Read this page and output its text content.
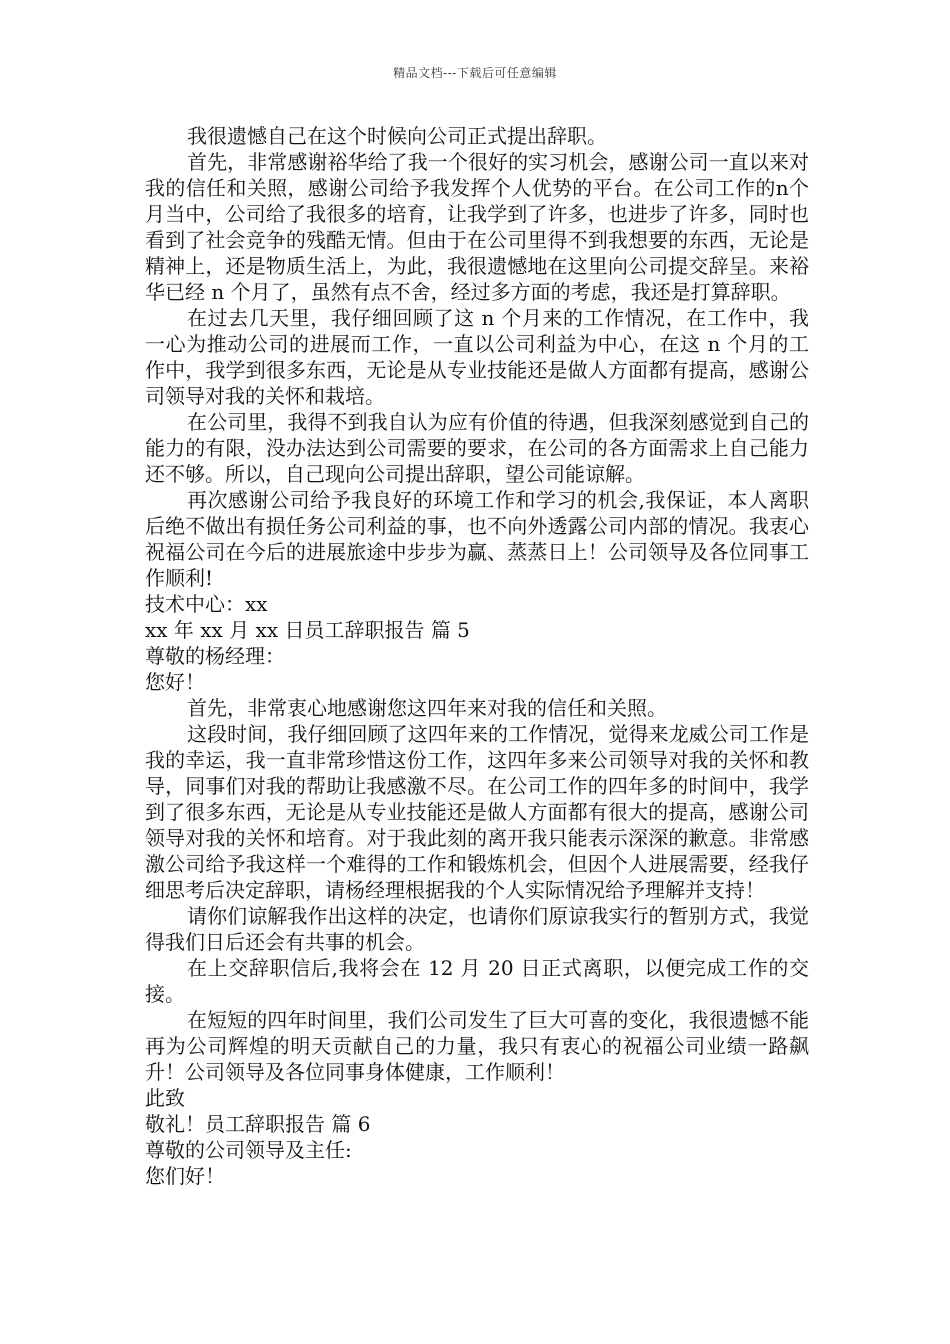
精品文档---下载后可任意编辑

我很遗憾自己在这个时候向公司正式提出辞职。

首先，非常感谢裕华给了我一个很好的实习机会，感谢公司一直以来对我的信任和关照，感谢公司给予我发挥个人优势的平台。在公司工作的n个月当中，公司给了我很多的培育，让我学到了许多，也进步了许多，同时也看到了社会竞争的残酷无情。但由于在公司里得不到我想要的东西，无论是精神上，还是物质生活上，为此，我很遗憾地在这里向公司提交辞呈。来裕华已经 n 个月了，虽然有点不舍，经过多方面的考虑，我还是打算辞职。

在过去几天里，我仔细回顾了这 n 个月来的工作情况，在工作中，我一心为推动公司的进展而工作，一直以公司利益为中心，在这 n 个月的工作中，我学到很多东西，无论是从专业技能还是做人方面都有提高，感谢公司领导对我的关怀和栽培。

在公司里，我得不到我自认为应有价值的待遇，但我深刻感觉到自己的能力的有限，没办法达到公司需要的要求，在公司的各方面需求上自己能力还不够。所以，自己现向公司提出辞职，望公司能谅解。

再次感谢公司给予我良好的环境工作和学习的机会,我保证，本人离职后绝不做出有损任务公司利益的事，也不向外透露公司内部的情况。我衷心祝福公司在今后的进展旅途中步步为赢、蒸蒸日上！公司领导及各位同事工作顺利!

技术中心：xx

xx 年 xx 月 xx 日员工辞职报告 篇 5

尊敬的杨经理：

您好！

首先，非常衷心地感谢您这四年来对我的信任和关照。

这段时间，我仔细回顾了这四年来的工作情况，觉得来龙威公司工作是我的幸运，我一直非常珍惜这份工作，这四年多来公司领导对我的关怀和教导，同事们对我的帮助让我感激不尽。在公司工作的四年多的时间中，我学到了很多东西，无论是从专业技能还是做人方面都有很大的提高，感谢公司领导对我的关怀和培育。对于我此刻的离开我只能表示深深的歉意。非常感激公司给予我这样一个难得的工作和锻炼机会，但因个人进展需要，经我仔细思考后决定辞职，请杨经理根据我的个人实际情况给予理解并支持！

请你们谅解我作出这样的决定，也请你们原谅我实行的暂别方式，我觉得我们日后还会有共事的机会。

在上交辞职信后,我将会在 12 月 20 日正式离职，以便完成工作的交接。

在短短的四年时间里，我们公司发生了巨大可喜的变化，我很遗憾不能再为公司辉煌的明天贡献自己的力量，我只有衷心的祝福公司业绩一路飙升！公司领导及各位同事身体健康，工作顺利！

此致

敬礼！员工辞职报告 篇 6

尊敬的公司领导及主任:

您们好！
